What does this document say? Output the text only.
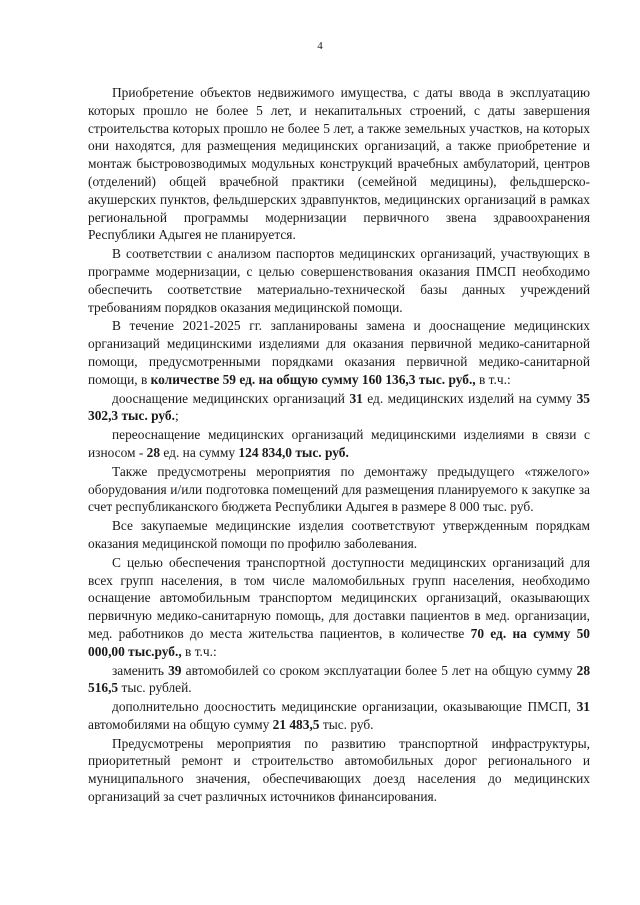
4

Приобретение объектов недвижимого имущества, с даты ввода в эксплуатацию которых прошло не более 5 лет, и некапитальных строений, с даты завершения строительства которых прошло не более 5 лет, а также земельных участков, на которых они находятся, для размещения медицинских организаций, а также приобретение и монтаж быстровозводимых модульных конструкций врачебных амбулаторий, центров (отделений) общей врачебной практики (семейной медицины), фельдшерско-акушерских пунктов, фельдшерских здравпунктов, медицинских организаций в рамках региональной программы модернизации первичного звена здравоохранения Республики Адыгея не планируется.

В соответствии с анализом паспортов медицинских организаций, участвующих в программе модернизации, с целью совершенствования оказания ПМСП необходимо обеспечить соответствие материально-технической базы данных учреждений требованиям порядков оказания медицинской помощи.

В течение 2021-2025 гг. запланированы замена и дооснащение медицинских организаций медицинскими изделиями для оказания первичной медико-санитарной помощи, предусмотренными порядками оказания первичной медико-санитарной помощи, в количестве 59 ед. на общую сумму 160 136,3 тыс. руб., в т.ч.:

дооснащение медицинских организаций 31 ед. медицинских изделий на сумму 35 302,3 тыс. руб.;

переоснащение медицинских организаций медицинскими изделиями в связи с износом - 28 ед. на сумму 124 834,0 тыс. руб.

Также предусмотрены мероприятия по демонтажу предыдущего «тяжелого» оборудования и/или подготовка помещений для размещения планируемого к закупке за счет республиканского бюджета Республики Адыгея в размере 8 000 тыс. руб.

Все закупаемые медицинские изделия соответствуют утвержденным порядкам оказания медицинской помощи по профилю заболевания.

С целью обеспечения транспортной доступности медицинских организаций для всех групп населения, в том числе маломобильных групп населения, необходимо оснащение автомобильным транспортом медицинских организаций, оказывающих первичную медико-санитарную помощь, для доставки пациентов в мед. организации, мед. работников до места жительства пациентов, в количестве 70 ед. на сумму 50 000,00 тыс.руб., в т.ч.:

заменить 39 автомобилей со сроком эксплуатации более 5 лет на общую сумму 28 516,5 тыс. рублей.

дополнительно доосностить медицинские организации, оказывающие ПМСП, 31 автомобилями на общую сумму 21 483,5 тыс. руб.

Предусмотрены мероприятия по развитию транспортной инфраструктуры, приоритетный ремонт и строительство автомобильных дорог регионального и муниципального значения, обеспечивающих доезд населения до медицинских организаций за счет различных источников финансирования.
